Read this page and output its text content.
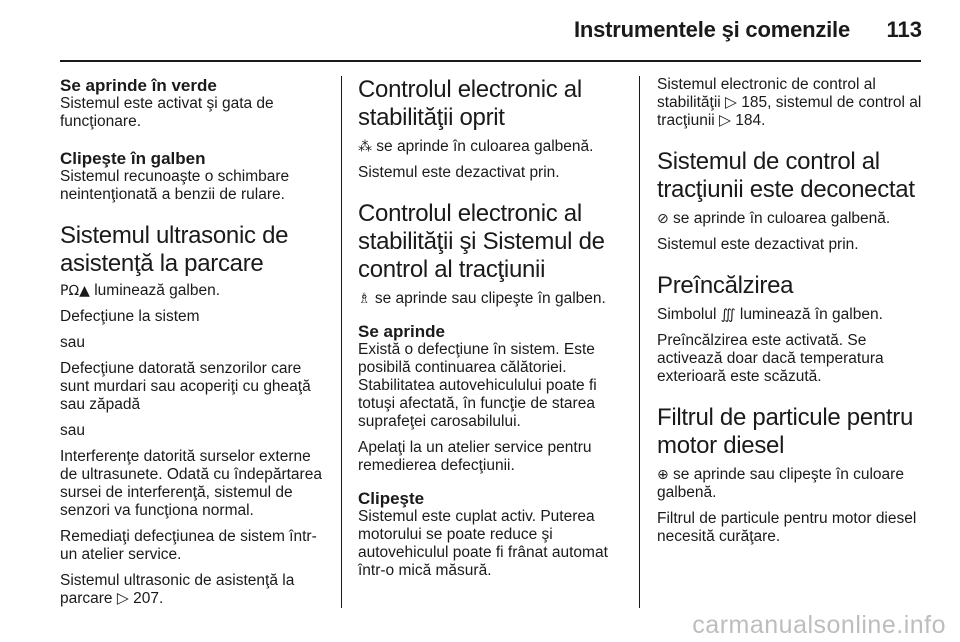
Instrumentele şi comenzile 113
Se aprinde în verde
Sistemul este activat şi gata de funcţionare.
Clipeşte în galben
Sistemul recunoaşte o schimbare neintenţionată a benzii de rulare.
Sistemul ultrasonic de asistenţă la parcare
PΩ▲ luminează galben.
Defecţiune la sistem
sau
Defecţiune datorată senzorilor care sunt murdari sau acoperiţi cu gheaţă sau zăpadă
sau
Interferenţe datorită surselor externe de ultrasunete. Odată cu îndepărtarea sursei de interferenţă, sistemul de senzori va funcţiona normal.
Remediaţi defecţiunea de sistem într-un atelier service.
Sistemul ultrasonic de asistenţă la parcare ▷ 207.
Controlul electronic al stabilităţii oprit
⁂ se aprinde în culoarea galbenă.
Sistemul este dezactivat prin.
Controlul electronic al stabilităţii şi Sistemul de control al tracţiunii
♗ se aprinde sau clipeşte în galben.
Se aprinde
Există o defecţiune în sistem. Este posibilă continuarea călătoriei. Stabilitatea autovehiculului poate fi totuşi afectată, în funcţie de starea suprafeţei carosabilului.
Apelaţi la un atelier service pentru remedierea defecţiunii.
Clipeşte
Sistemul este cuplat activ. Puterea motorului se poate reduce şi autovehiculul poate fi frânat automat într-o mică măsură.
Sistemul electronic de control al stabilităţii ▷ 185, sistemul de control al tracţiunii ▷ 184.
Sistemul de control al tracţiunii este deconectat
⊘ se aprinde în culoarea galbenă.
Sistemul este dezactivat prin.
Preîncălzirea
Simbolul ∭ luminează în galben.
Preîncălzirea este activată. Se activează doar dacă temperatura exterioară este scăzută.
Filtrul de particule pentru motor diesel
⊕ se aprinde sau clipeşte în culoare galbenă.
Filtrul de particule pentru motor diesel necesită curăţare.
carmanualsonline.info
